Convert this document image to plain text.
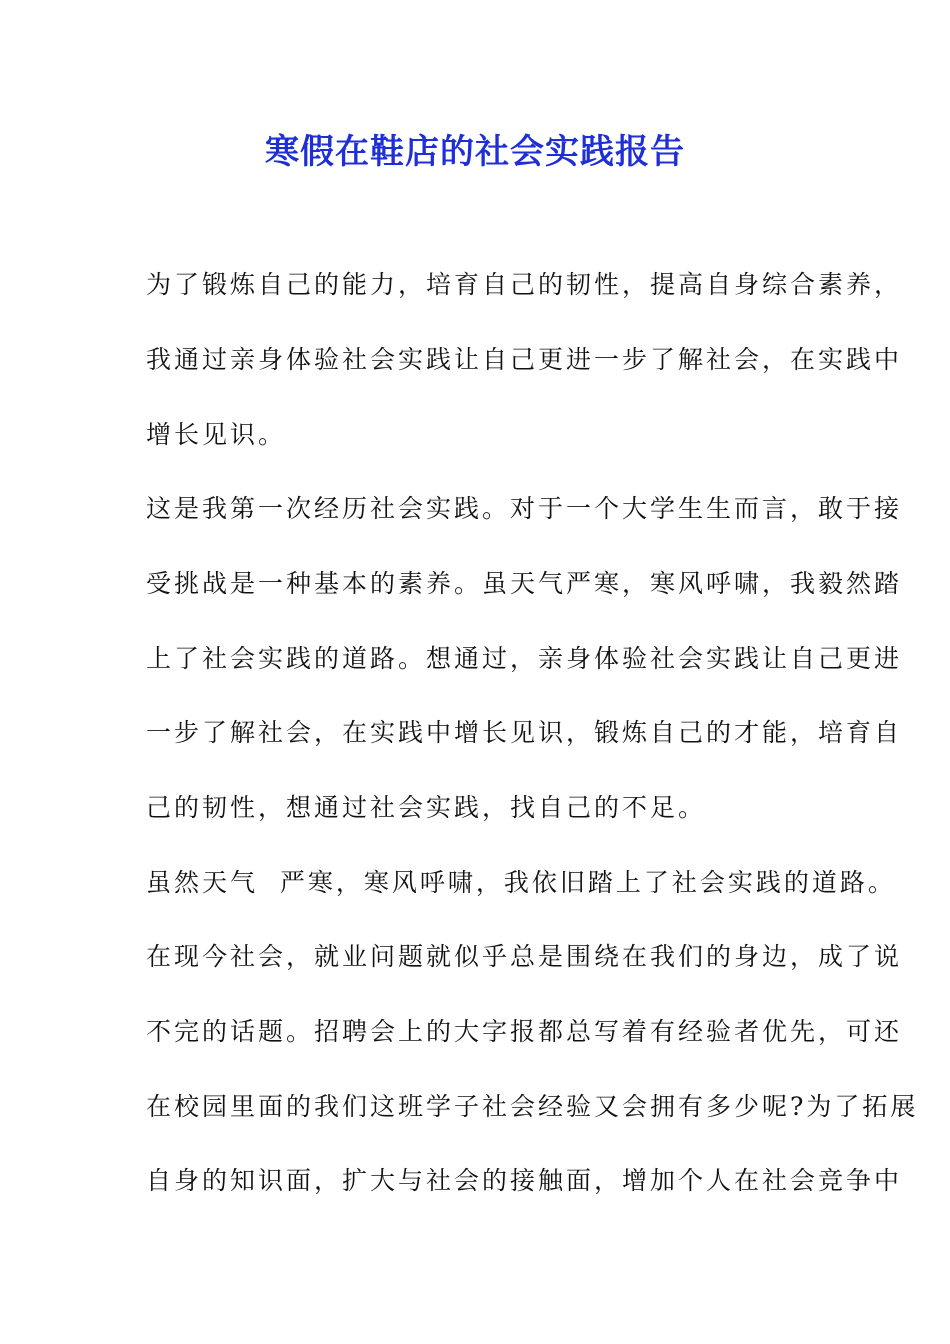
寒假在鞋店的社会实践报告

为了锻炼自己的能力，培育自己的韧性，提高自身综合素养，

我通过亲身体验社会实践让自己更进一步了解社会，在实践中

增长见识。

这是我第一次经历社会实践。对于一个大学生生而言，敢于接

受挑战是一种基本的素养。虽天气严寒，寒风呼啸，我毅然踏

上了社会实践的道路。想通过，亲身体验社会实践让自己更进

一步了解社会，在实践中增长见识，锻炼自己的才能，培育自

己的韧性，想通过社会实践，找自己的不足。

虽然天气  严寒，寒风呼啸，我依旧踏上了社会实践的道路。

在现今社会，就业问题就似乎总是围绕在我们的身边，成了说

不完的话题。招聘会上的大字报都总写着有经验者优先，可还

在校园里面的我们这班学子社会经验又会拥有多少呢?为了拓展

自身的知识面，扩大与社会的接触面，增加个人在社会竞争中
